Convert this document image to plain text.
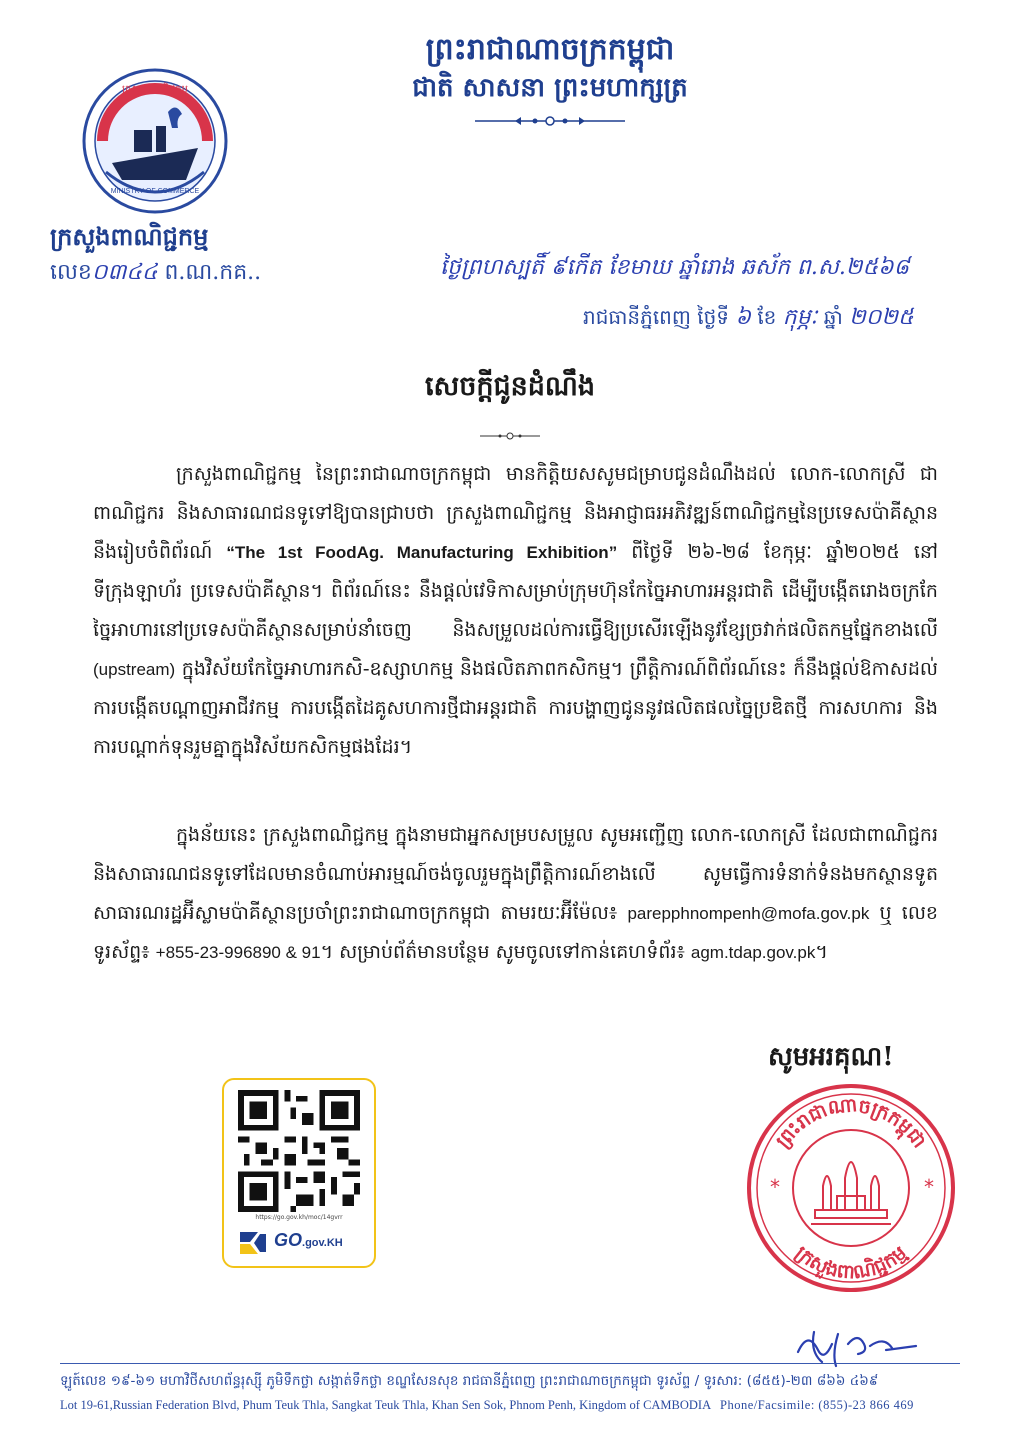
ព្រះរាជាណាចក្រកម្ពុជា
ជាតិ សាសនា ព្រះមហាក្សត្រ
MINISTRY OF COMMERCE
ក្រសួងពាណិជ្ជកម្ម
ក្រសួងពាណិជ្ជកម្ម
លេខ០៣៤៤ ព.ណ.កគ..	ថ្ងៃព្រហស្បតិ៍ ៩កើត ខែមាឃ ឆ្នាំរោង ឆស័ក ព.ស.២៥៦៨
រាជធានីភ្នំពេញ ថ្ងៃទី ៦ ខែ កុម្ភៈ ឆ្នាំ ២០២៥
សេចក្តីជូនដំណឹង

ក្រសួងពាណិជ្ជកម្ម នៃព្រះរាជាណាចក្រកម្ពុជា មានកិត្តិយសសូមជម្រាបជូនដំណឹងដល់ លោក-លោកស្រី ជាពាណិជ្ជករ និងសាធារណជនទូទៅឱ្យបានជ្រាបថា ក្រសួងពាណិជ្ជកម្ម និងអាជ្ញាធរអភិវឌ្ឍន៍ពាណិជ្ជកម្មនៃប្រទេសប៉ាគីស្ថាន នឹងរៀបចំពិព័រណ៍ “The 1st FoodAg. Manufacturing Exhibition” ពីថ្ងៃទី ២៦-២៨ ខែកុម្ភៈ ឆ្នាំ២០២៥ នៅទីក្រុងឡាហ័រ ប្រទេសប៉ាគីស្ថាន។ ពិព័រណ៍នេះ នឹងផ្តល់វេទិកាសម្រាប់ក្រុមហ៊ុនកែច្នៃអាហារអន្តរជាតិ ដើម្បីបង្កើតរោងចក្រកែច្នៃអាហារនៅប្រទេសប៉ាគីស្ថានសម្រាប់នាំចេញ និងសម្រួលដល់ការធ្វើឱ្យប្រសើរឡើងនូវខ្សែច្រវាក់ផលិតកម្មផ្នែកខាងលើ (upstream) ក្នុងវិស័យកែច្នៃអាហារកសិ-ឧស្សាហកម្ម និងផលិតភាពកសិកម្ម។ ព្រឹត្តិការណ៍ពិព័រណ៍នេះ ក៏នឹងផ្តល់ឱកាសដល់ការបង្កើតបណ្តាញអាជីវកម្ម ការបង្កើតដៃគូសហការថ្មីជាអន្តរជាតិ ការបង្ហាញជូននូវផលិតផលច្នៃប្រឌិតថ្មី ការសហការ និងការបណ្តាក់ទុនរួមគ្នាក្នុងវិស័យកសិកម្មផងដែរ។

ក្នុងន័យនេះ ក្រសួងពាណិជ្ជកម្ម ក្នុងនាមជាអ្នកសម្របសម្រួល សូមអញ្ជើញ លោក-លោកស្រី ដែលជាពាណិជ្ជករ និងសាធារណជនទូទៅដែលមានចំណាប់អារម្មណ៍ចង់ចូលរួមក្នុងព្រឹត្តិការណ៍ខាងលើ សូមធ្វើការទំនាក់ទំនងមកស្ថានទូតសាធារណរដ្ឋអ៊ីស្លាមប៉ាគីស្ថានប្រចាំព្រះរាជាណាចក្រកម្ពុជា តាមរយៈអ៊ីម៉ែល៖ parepphnompenh@mofa.gov.pk ឬ លេខទូរស័ព្ទ៖ +855-23-996890 & 91។ សម្រាប់ព័ត៌មានបន្ថែម សូមចូលទៅកាន់គេហទំព័រ៖ agm.tdap.gov.pk។

សូមអរគុណ!
https://go.gov.kh/moc/14gvrr
GO.gov.KH
ព្រះរាជាណាចក្រកម្ពុជា
ក្រសួងពាណិជ្ជកម្ម
*	*
ឡូត៍លេខ ១៩-៦១ មហាវិថីសហព័ន្ធរុស្ស៊ី ភូមិទឹកថ្លា សង្កាត់ទឹកថ្លា ខណ្ឌសែនសុខ រាជធានីភ្នំពេញ ព្រះរាជាណាចក្រកម្ពុជា ទូរស័ព្ទ / ទូរសារ: (៨៥៥)-២៣ ៨៦៦ ៤៦៩
Lot 19-61,Russian Federation Blvd, Phum Teuk Thla, Sangkat Teuk Thla, Khan Sen Sok, Phnom Penh, Kingdom of CAMBODIA Phone/Facsimile: (855)-23 866 469
